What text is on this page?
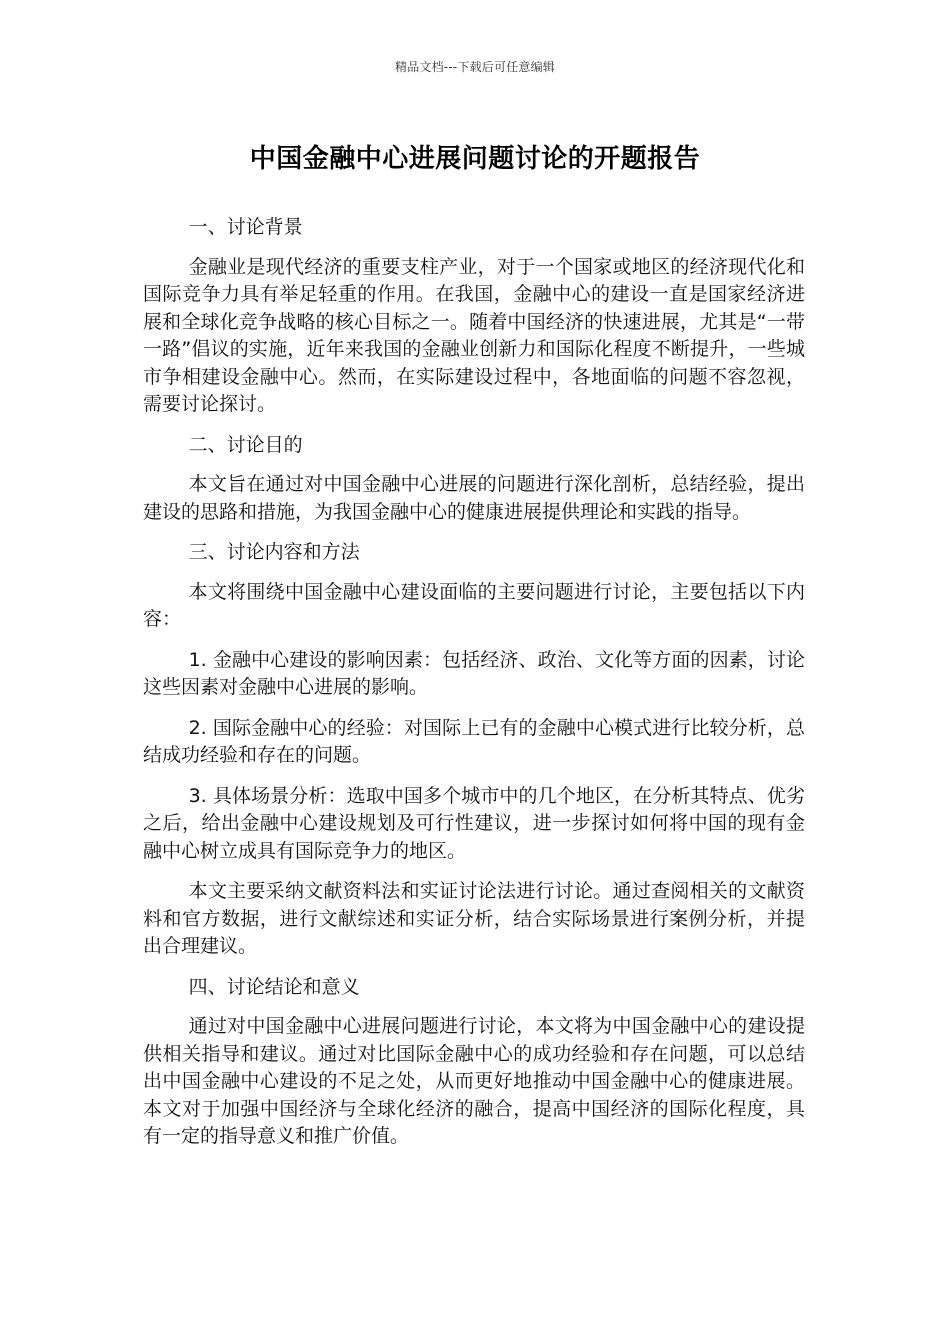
精品文档---下载后可任意编辑
中国金融中心进展问题讨论的开题报告

一、讨论背景

金融业是现代经济的重要支柱产业，对于一个国家或地区的经济现代化和国际竞争力具有举足轻重的作用。在我国，金融中心的建设一直是国家经济进展和全球化竞争战略的核心目标之一。随着中国经济的快速进展，尤其是“一带一路”倡议的实施，近年来我国的金融业创新力和国际化程度不断提升，一些城市争相建设金融中心。然而，在实际建设过程中，各地面临的问题不容忽视，需要讨论探讨。

二、讨论目的

本文旨在通过对中国金融中心进展的问题进行深化剖析，总结经验，提出建设的思路和措施，为我国金融中心的健康进展提供理论和实践的指导。

三、讨论内容和方法

本文将围绕中国金融中心建设面临的主要问题进行讨论，主要包括以下内容：

1. 金融中心建设的影响因素：包括经济、政治、文化等方面的因素，讨论这些因素对金融中心进展的影响。

2. 国际金融中心的经验：对国际上已有的金融中心模式进行比较分析，总结成功经验和存在的问题。

3. 具体场景分析：选取中国多个城市中的几个地区，在分析其特点、优劣之后，给出金融中心建设规划及可行性建议，进一步探讨如何将中国的现有金融中心树立成具有国际竞争力的地区。

本文主要采纳文献资料法和实证讨论法进行讨论。通过查阅相关的文献资料和官方数据，进行文献综述和实证分析，结合实际场景进行案例分析，并提出合理建议。

四、讨论结论和意义

通过对中国金融中心进展问题进行讨论，本文将为中国金融中心的建设提供相关指导和建议。通过对比国际金融中心的成功经验和存在问题，可以总结出中国金融中心建设的不足之处，从而更好地推动中国金融中心的健康进展。本文对于加强中国经济与全球化经济的融合，提高中国经济的国际化程度，具有一定的指导意义和推广价值。
